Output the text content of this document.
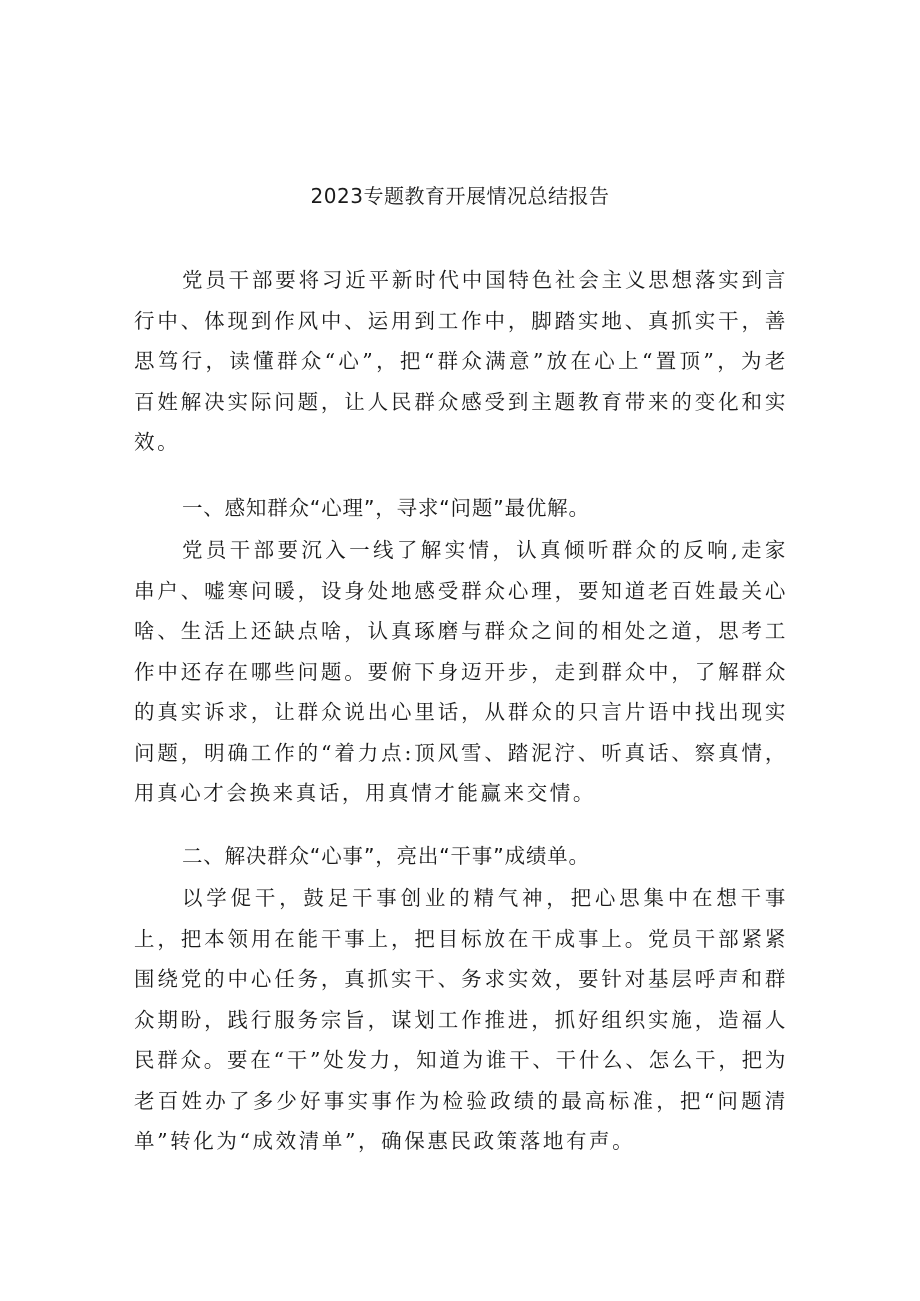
2023专题教育开展情况总结报告

党员干部要将习近平新时代中国特色社会主义思想落实到言行中、体现到作风中、运用到工作中，脚踏实地、真抓实干，善思笃行，读懂群众“心”，把“群众满意”放在心上“置顶”，为老百姓解决实际问题，让人民群众感受到主题教育带来的变化和实效。

一、感知群众“心理”，寻求“问题”最优解。

党员干部要沉入一线了解实情，认真倾听群众的反响,走家串户、嘘寒问暖，设身处地感受群众心理，要知道老百姓最关心啥、生活上还缺点啥，认真琢磨与群众之间的相处之道，思考工作中还存在哪些问题。要俯下身迈开步，走到群众中，了解群众的真实诉求，让群众说出心里话，从群众的只言片语中找出现实问题，明确工作的“着力点:顶风雪、踏泥泞、听真话、察真情，用真心才会换来真话，用真情才能赢来交情。

二、解决群众“心事”，亮出“干事”成绩单。

以学促干，鼓足干事创业的精气神，把心思集中在想干事上，把本领用在能干事上，把目标放在干成事上。党员干部紧紧围绕党的中心任务，真抓实干、务求实效，要针对基层呼声和群众期盼，践行服务宗旨，谋划工作推进，抓好组织实施，造福人民群众。要在“干”处发力，知道为谁干、干什么、怎么干，把为老百姓办了多少好事实事作为检验政绩的最高标准，把“问题清单”转化为“成效清单”，确保惠民政策落地有声。
